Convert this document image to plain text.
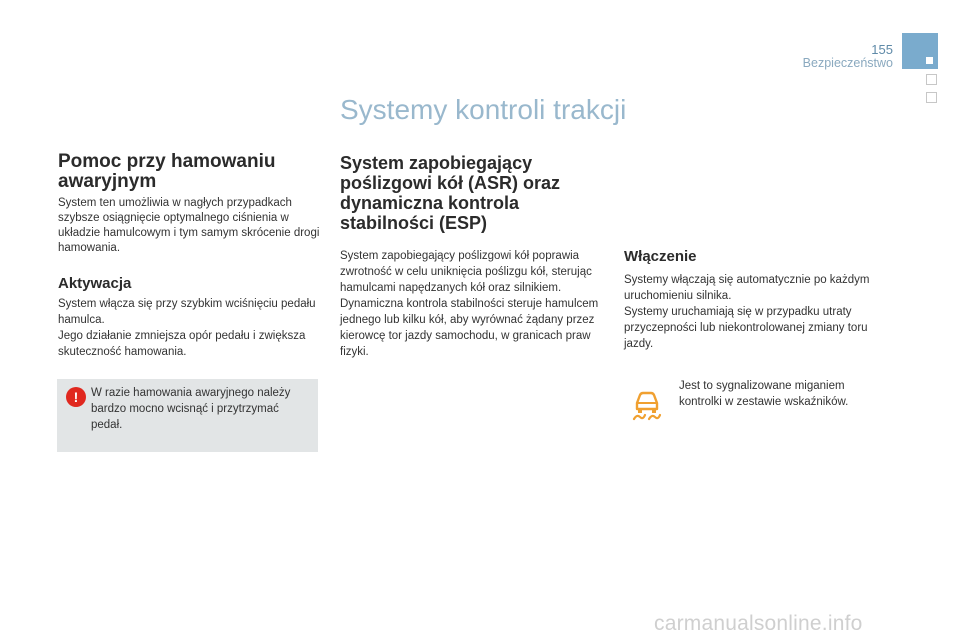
155
Bezpieczeństwo
Systemy kontroli trakcji
Pomoc przy hamowaniu awaryjnym

System ten umożliwia w nagłych przypadkach szybsze osiągnięcie optymalnego ciśnienia w układzie hamulcowym i tym samym skrócenie drogi hamowania.

Aktywacja
System włącza się przy szybkim wciśnięciu pedału hamulca.
Jego działanie zmniejsza opór pedału i zwiększa skuteczność hamowania.
!	W razie hamowania awaryjnego należy bardzo mocno wcisnąć i przytrzymać pedał.

System zapobiegający poślizgowi kół (ASR) oraz dynamiczna kontrola stabilności (ESP)
System zapobiegający poślizgowi kół poprawia zwrotność w celu uniknięcia poślizgu kół, sterując hamulcami napędzanych kół oraz silnikiem.
Dynamiczna kontrola stabilności steruje hamulcem jednego lub kilku kół, aby wyrównać żądany przez kierowcę tor jazdy samochodu, w granicach praw fizyki.
Włączenie
Systemy włączają się automatycznie po każdym uruchomieniu silnika.
Systemy uruchamiają się w przypadku utraty przyczepności lub niekontrolowanej zmiany toru jazdy.

Jest to sygnalizowane miganiem kontrolki w zestawie wskaźników.

carmanualsonline.info
